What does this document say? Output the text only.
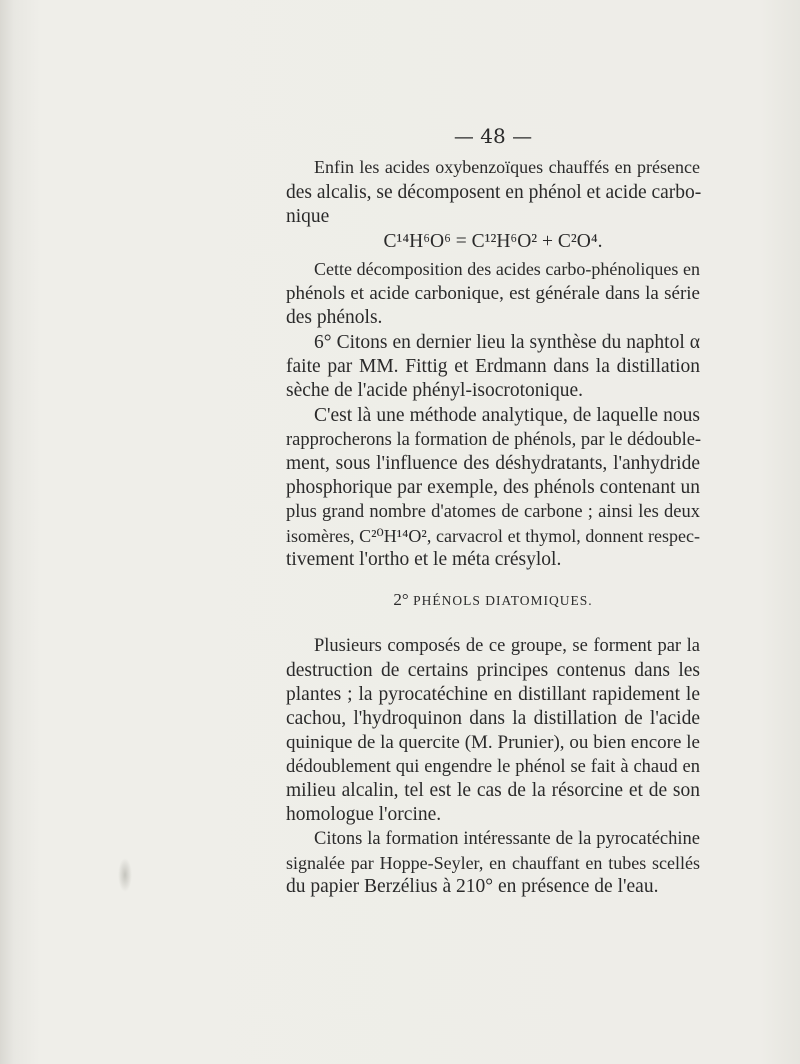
— 48 —
Enfin les acides oxybenzoïques chauffés en présence
des alcalis, se décomposent en phénol et acide carbo-
nique
C¹⁴H⁶O⁶ = C¹²H⁶O² + C²O⁴.
Cette décomposition des acides carbo-phénoliques en
phénols et acide carbonique, est générale dans la série
des phénols.
6° Citons en dernier lieu la synthèse du naphtol α
faite par MM. Fittig et Erdmann dans la distillation
sèche de l'acide phényl-isocrotonique.
C'est là une méthode analytique, de laquelle nous
rapprocherons la formation de phénols, par le dédouble-
ment, sous l'influence des déshydratants, l'anhydride
phosphorique par exemple, des phénols contenant un
plus grand nombre d'atomes de carbone ; ainsi les deux
isomères, C²⁰H¹⁴O², carvacrol et thymol, donnent respec-
tivement l'ortho et le méta crésylol.
2° PHÉNOLS DIATOMIQUES.
Plusieurs composés de ce groupe, se forment par la
destruction de certains principes contenus dans les
plantes ; la pyrocatéchine en distillant rapidement le
cachou, l'hydroquinon dans la distillation de l'acide
quinique de la quercite (M. Prunier), ou bien encore le
dédoublement qui engendre le phénol se fait à chaud en
milieu alcalin, tel est le cas de la résorcine et de son
homologue l'orcine.
Citons la formation intéressante de la pyrocatéchine
signalée par Hoppe-Seyler, en chauffant en tubes scellés
du papier Berzélius à 210° en présence de l'eau.
